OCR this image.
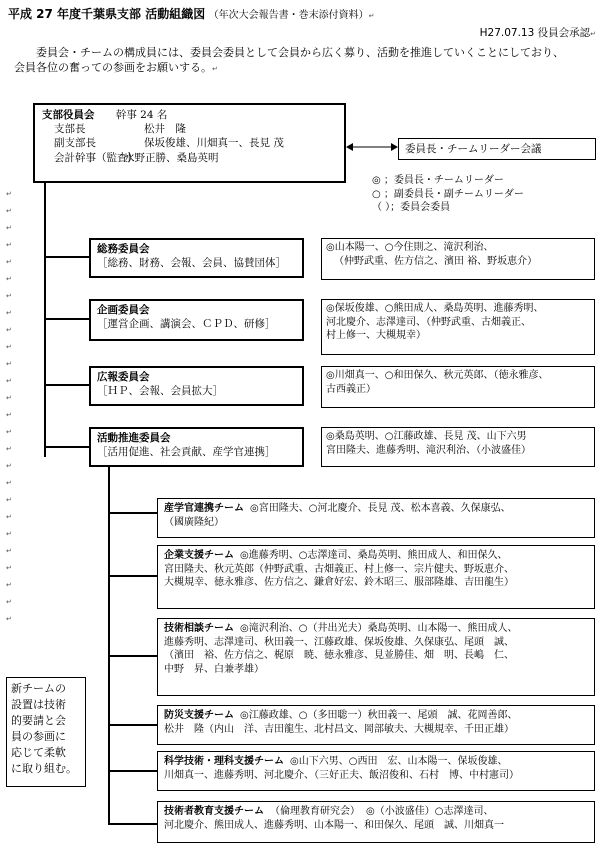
平成 27 年度千葉県支部 活動組織図 （年次大会報告書・巻末添付資料）↵
H27.07.13 役員会承認↵
委員会・チームの構成員には、委員会委員として会員から広く募り、活動を推進していくことにしており、
会員各位の奮っての参画をお願いする。↵
支部役員会 幹事 24 名
支部長	松井　隆
副支部長	保坂俊雄、川畑真一、長見 茂
会計幹事（監査）水野正勝、桑島英明
委員長・チームリーダー会議
◎ ；委員長・チームリーダー
○ ；副委員長・副チームリーダー
（ ）；委員会委員
↵
↵
↵
↵
↵
↵
↵
↵
↵
↵
↵
↵
↵
↵
↵
↵
↵
↵
↵
↵
↵
↵
↵
↵
↵
↵
総務委員会
［総務、財務、会報、会員、協賛団体］
◎山本陽一、○今住則之、滝沢利治、
（仲野武重、佐方信之、濱田 裕、野坂恵介）
企画委員会
［運営企画、講演会、ＣＰＤ、研修］
◎保坂俊雄、○熊田成人、桑島英明、進藤秀明、
河北慶介、志澤達司、（仲野武重、古畑義正、
村上修一、大槻規幸）
広報委員会
［ＨＰ、会報、会員拡大］
◎川畑真一、○和田保久、秋元英郎、（徳永雅彦、
古西義正）
活動推進委員会
［活用促進、社会貢献、産学官連携］
◎桑島英明、○江藤政雄、長見 茂、山下六男
宮田隆夫、進藤秀明、滝沢利治、（小波盛佳）
産学官連携チーム ◎宮田隆夫、○河北慶介、長見 茂、松本喜義、久保康弘、
（國廣隆紀）
企業支援チーム ◎進藤秀明、○志澤達司、桑島英明、熊田成人、和田保久、
宮田隆夫、秋元英郎（仲野武重、古畑義正、村上修一、宗片健夫、野坂恵介、
大槻規幸、徳永雅彦、佐方信之、鎌倉好宏、鈴木昭三、服部隆雄、吉田龍生）
技術相談チーム ◎滝沢利治、○（井出光夫）桑島英明、山本陽一、熊田成人、
進藤秀明、志澤達司、秋田義一、江藤政雄、保坂俊雄、久保康弘、尾頭　誠、
（濱田　裕、佐方信之、梶原　暁、徳永雅彦、見並勝佳、畑　明、長嶋　仁、
中野　昇、白兼孝雄）
防災支援チーム ◎江藤政雄、○（多田聡一）秋田義一、尾頭　誠、花岡善郎、
松井　隆（内山　洋、吉田龍生、北村昌文、岡部敏夫、大槻規幸、千田正雄）
科学技術・理科支援チーム ◎山下六男、○西田　宏、山本陽一、保坂俊雄、
川畑真一、進藤秀明、河北慶介、（三好正夫、飯沼俊和、石村　博、中村憲司）
技術者教育支援チーム （倫理教育研究会） ◎（小波盛佳）○志澤達司、
河北慶介、熊田成人、進藤秀明、山本陽一、和田保久、尾頭　誠、川畑真一
新チームの
設置は技術
的要請と会
員の参画に
応じて柔軟
に取り組む。
